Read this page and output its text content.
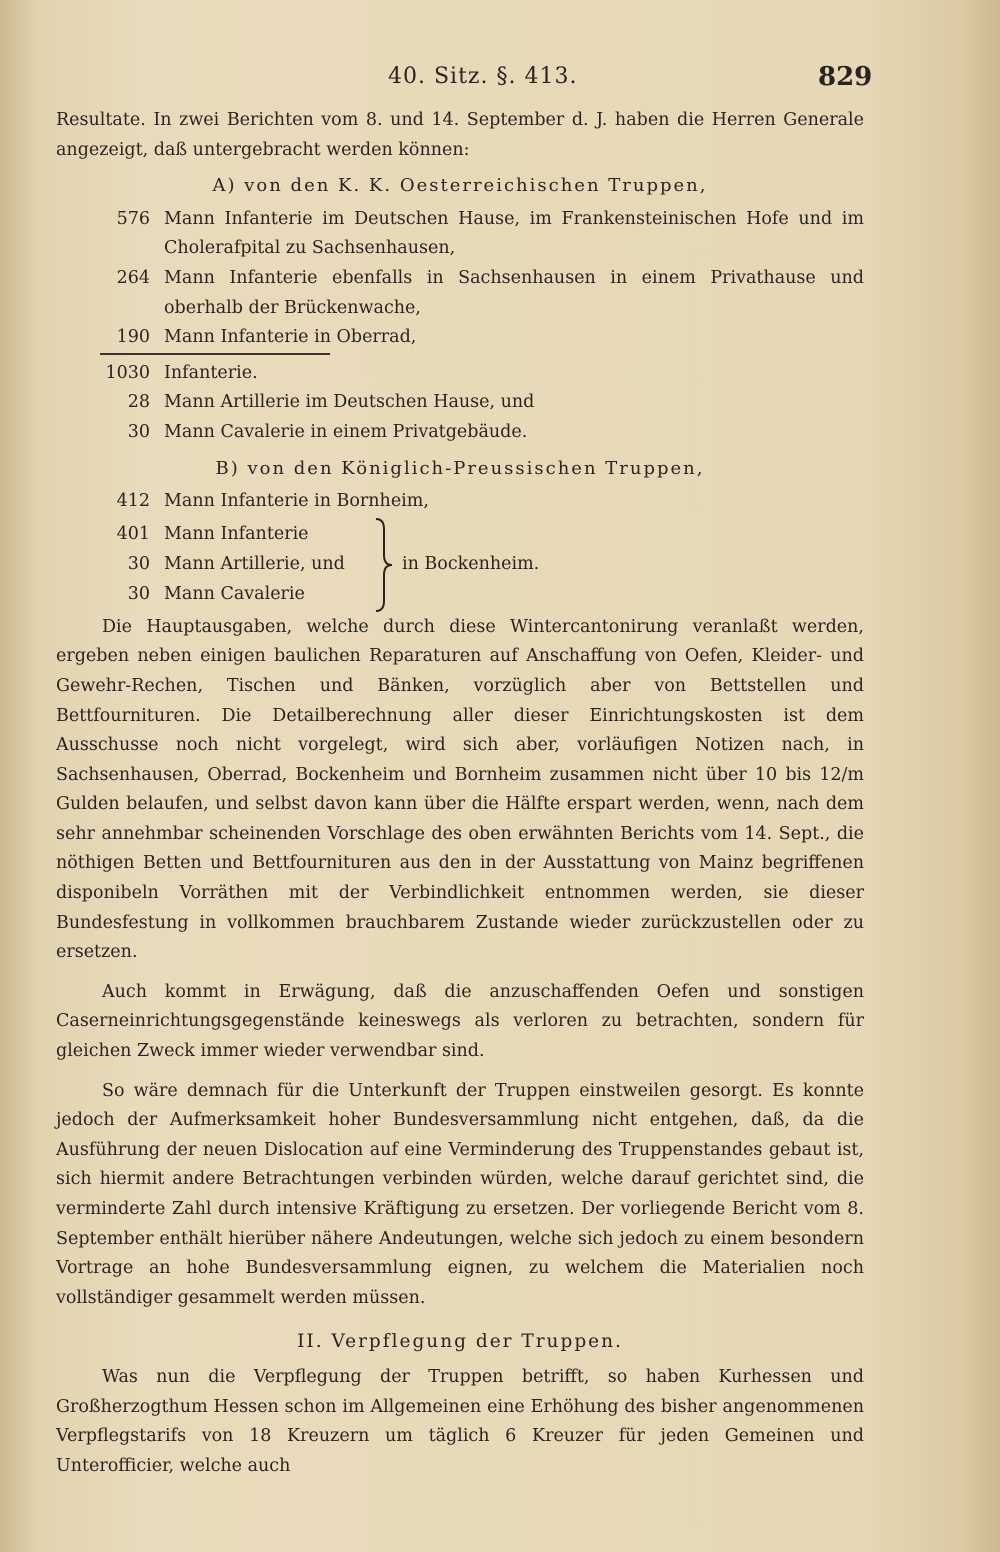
40. Sitz. §. 413.	829

Resultate. In zwei Berichten vom 8. und 14. September d. J. haben die Herren Generale angezeigt, daß untergebracht werden können:

A) von den K. K. Oesterreichischen Truppen,

576 Mann Infanterie im Deutschen Hause, im Frankensteinischen Hofe und im Cholerafpital zu Sachsenhausen,
264 Mann Infanterie ebenfalls in Sachsenhausen in einem Privathause und oberhalb der Brückenwache,
190 Mann Infanterie in Oberrad,
1030 Infanterie.
28 Mann Artillerie im Deutschen Hause, und
30 Mann Cavalerie in einem Privatgebäude.

B) von den Königlich-Preussischen Truppen,

412 Mann Infanterie in Bornheim,
401 Mann Infanterie
30 Mann Artillerie, und
30 Mann Cavalerie
in Bockenheim.

Die Hauptausgaben, welche durch diese Wintercantonirung veranlaßt werden, ergeben neben einigen baulichen Reparaturen auf Anschaffung von Oefen, Kleider- und Gewehr-Rechen, Tischen und Bänken, vorzüglich aber von Bettstellen und Bettfournituren. Die Detailberechnung aller dieser Einrichtungskosten ist dem Ausschusse noch nicht vorgelegt, wird sich aber, vorläufigen Notizen nach, in Sachsenhausen, Oberrad, Bockenheim und Bornheim zusammen nicht über 10 bis 12/m Gulden belaufen, und selbst davon kann über die Hälfte erspart werden, wenn, nach dem sehr annehmbar scheinenden Vorschlage des oben erwähnten Berichts vom 14. Sept., die nöthigen Betten und Bettfournituren aus den in der Ausstattung von Mainz begriffenen disponibeln Vorräthen mit der Verbindlichkeit entnommen werden, sie dieser Bundesfestung in vollkommen brauchbarem Zustande wieder zurückzustellen oder zu ersetzen.

Auch kommt in Erwägung, daß die anzuschaffenden Oefen und sonstigen Caserneinrichtungsgegenstände keineswegs als verloren zu betrachten, sondern für gleichen Zweck immer wieder verwendbar sind.

So wäre demnach für die Unterkunft der Truppen einstweilen gesorgt. Es konnte jedoch der Aufmerksamkeit hoher Bundesversammlung nicht entgehen, daß, da die Ausführung der neuen Dislocation auf eine Verminderung des Truppenstandes gebaut ist, sich hiermit andere Betrachtungen verbinden würden, welche darauf gerichtet sind, die verminderte Zahl durch intensive Kräftigung zu ersetzen. Der vorliegende Bericht vom 8. September enthält hierüber nähere Andeutungen, welche sich jedoch zu einem besondern Vortrage an hohe Bundesversammlung eignen, zu welchem die Materialien noch vollständiger gesammelt werden müssen.

II. Verpflegung der Truppen.

Was nun die Verpflegung der Truppen betrifft, so haben Kurhessen und Großherzogthum Hessen schon im Allgemeinen eine Erhöhung des bisher angenommenen Verpflegstarifs von 18 Kreuzern um täglich 6 Kreuzer für jeden Gemeinen und Unterofficier, welche auch
